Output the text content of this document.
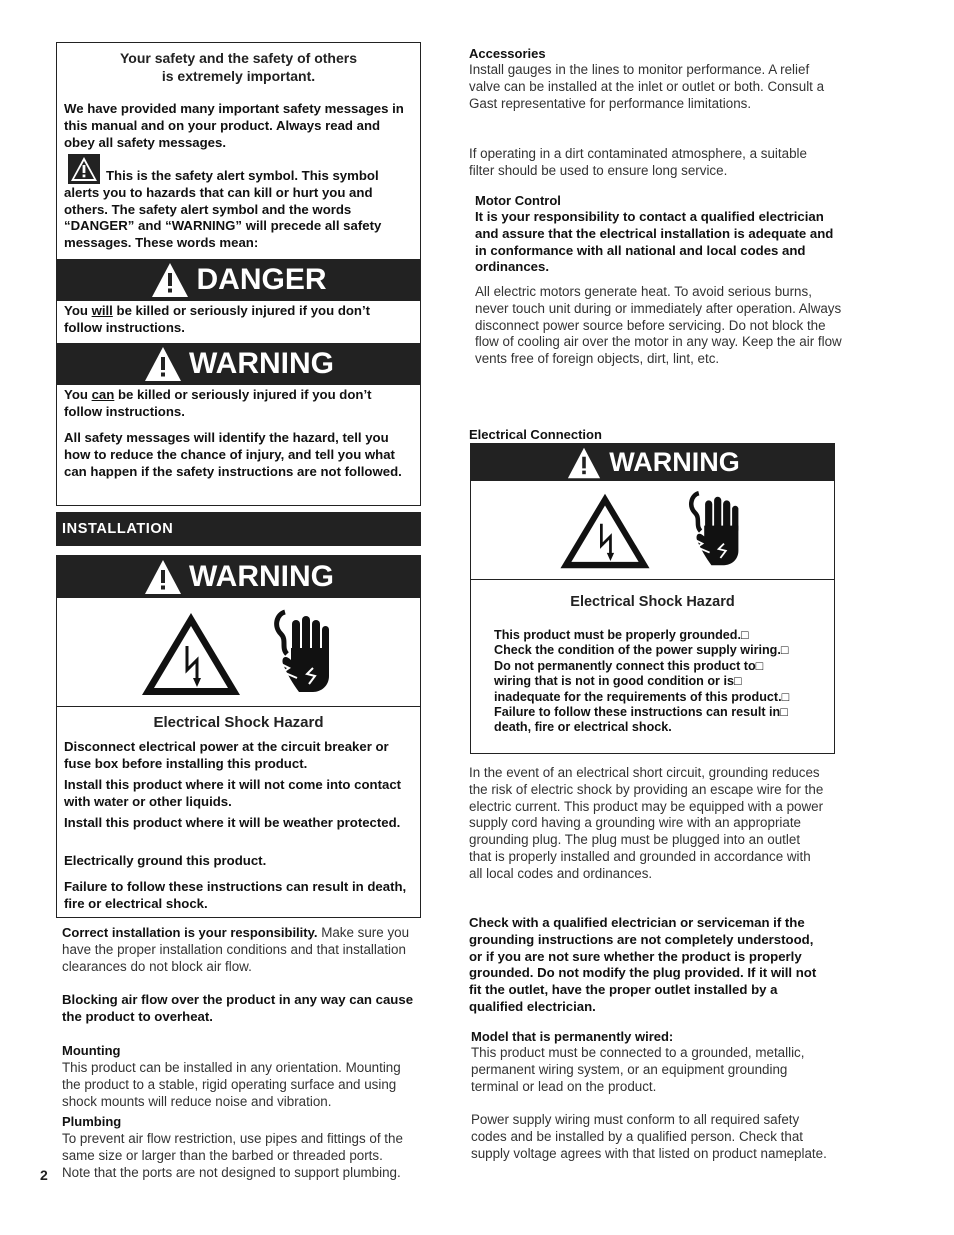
Your safety and the safety of others
is extremely important.

We have provided many important safety messages in this manual and on your product. Always read and obey all safety messages.

This is the safety alert symbol. This symbol alerts you to hazards that can kill or hurt you and others. The safety alert symbol and the words “DANGER” and “WARNING” will precede all safety messages. These words mean:

DANGER

You will be killed or seriously injured if you don’t follow instructions.

WARNING

You can be killed or seriously injured if you don’t follow instructions.

All safety messages will identify the hazard, tell you how to reduce the chance of injury, and tell you what can happen if the safety instructions are not followed.

INSTALLATION
WARNING

Electrical Shock Hazard

Disconnect electrical power at the circuit breaker or fuse box before installing this product.

Install this product where it will not come into contact with water or other liquids.

Install this product where it will be weather protected.

Electrically ground this product.

Failure to follow these instructions can result in death, fire or electrical shock.

Correct installation is your responsibility. Make sure you have the proper installation conditions and that installation clearances do not block air flow.

Blocking air flow over the product in any way can cause the product to overheat.

Mounting

This product can be installed in any orientation. Mounting the product to a stable, rigid operating surface and using shock mounts will reduce noise and vibration.

Plumbing

To prevent air flow restriction, use pipes and fittings of the same size or larger than the barbed or threaded ports. Note that the ports are not designed to support plumbing.

2

Accessories

Install gauges in the lines to monitor performance. A relief valve can be installed at the inlet or outlet or both. Consult a Gast representative for performance limitations.

If operating in a dirt contaminated atmosphere, a suitable filter should be used to ensure long service.

Motor Control

It is your responsibility to contact a qualified electrician and assure that the electrical installation is adequate and in conformance with all national and local codes and ordinances.

All electric motors generate heat. To avoid serious burns, never touch unit during or immediately after operation. Always disconnect power source before servicing. Do not block the flow of cooling air over the motor in any way. Keep the air flow vents free of foreign objects, dirt, lint, etc.

Electrical Connection

WARNING

Electrical Shock Hazard

This product must be properly grounded.□
Check the condition of the power supply wiring.□
Do not permanently connect this product to□
wiring that is not in good condition or is□
inadequate for the requirements of this product.□
Failure to follow these instructions can result in□
death, fire or electrical shock.

In the event of an electrical short circuit, grounding reduces the risk of electric shock by providing an escape wire for the electric current. This product may be equipped with a power supply cord having a grounding wire with an appropriate grounding plug. The plug must be plugged into an outlet that is properly installed and grounded in accordance with all local codes and ordinances.

Check with a qualified electrician or serviceman if the grounding instructions are not completely understood, or if you are not sure whether the product is properly grounded. Do not modify the plug provided. If it will not fit the outlet, have the proper outlet installed by a qualified electrician.

Model that is permanently wired:

This product must be connected to a grounded, metallic, permanent wiring system, or an equipment grounding terminal or lead on the product.

Power supply wiring must conform to all required safety codes and be installed by a qualified person. Check that supply voltage agrees with that listed on product nameplate.
